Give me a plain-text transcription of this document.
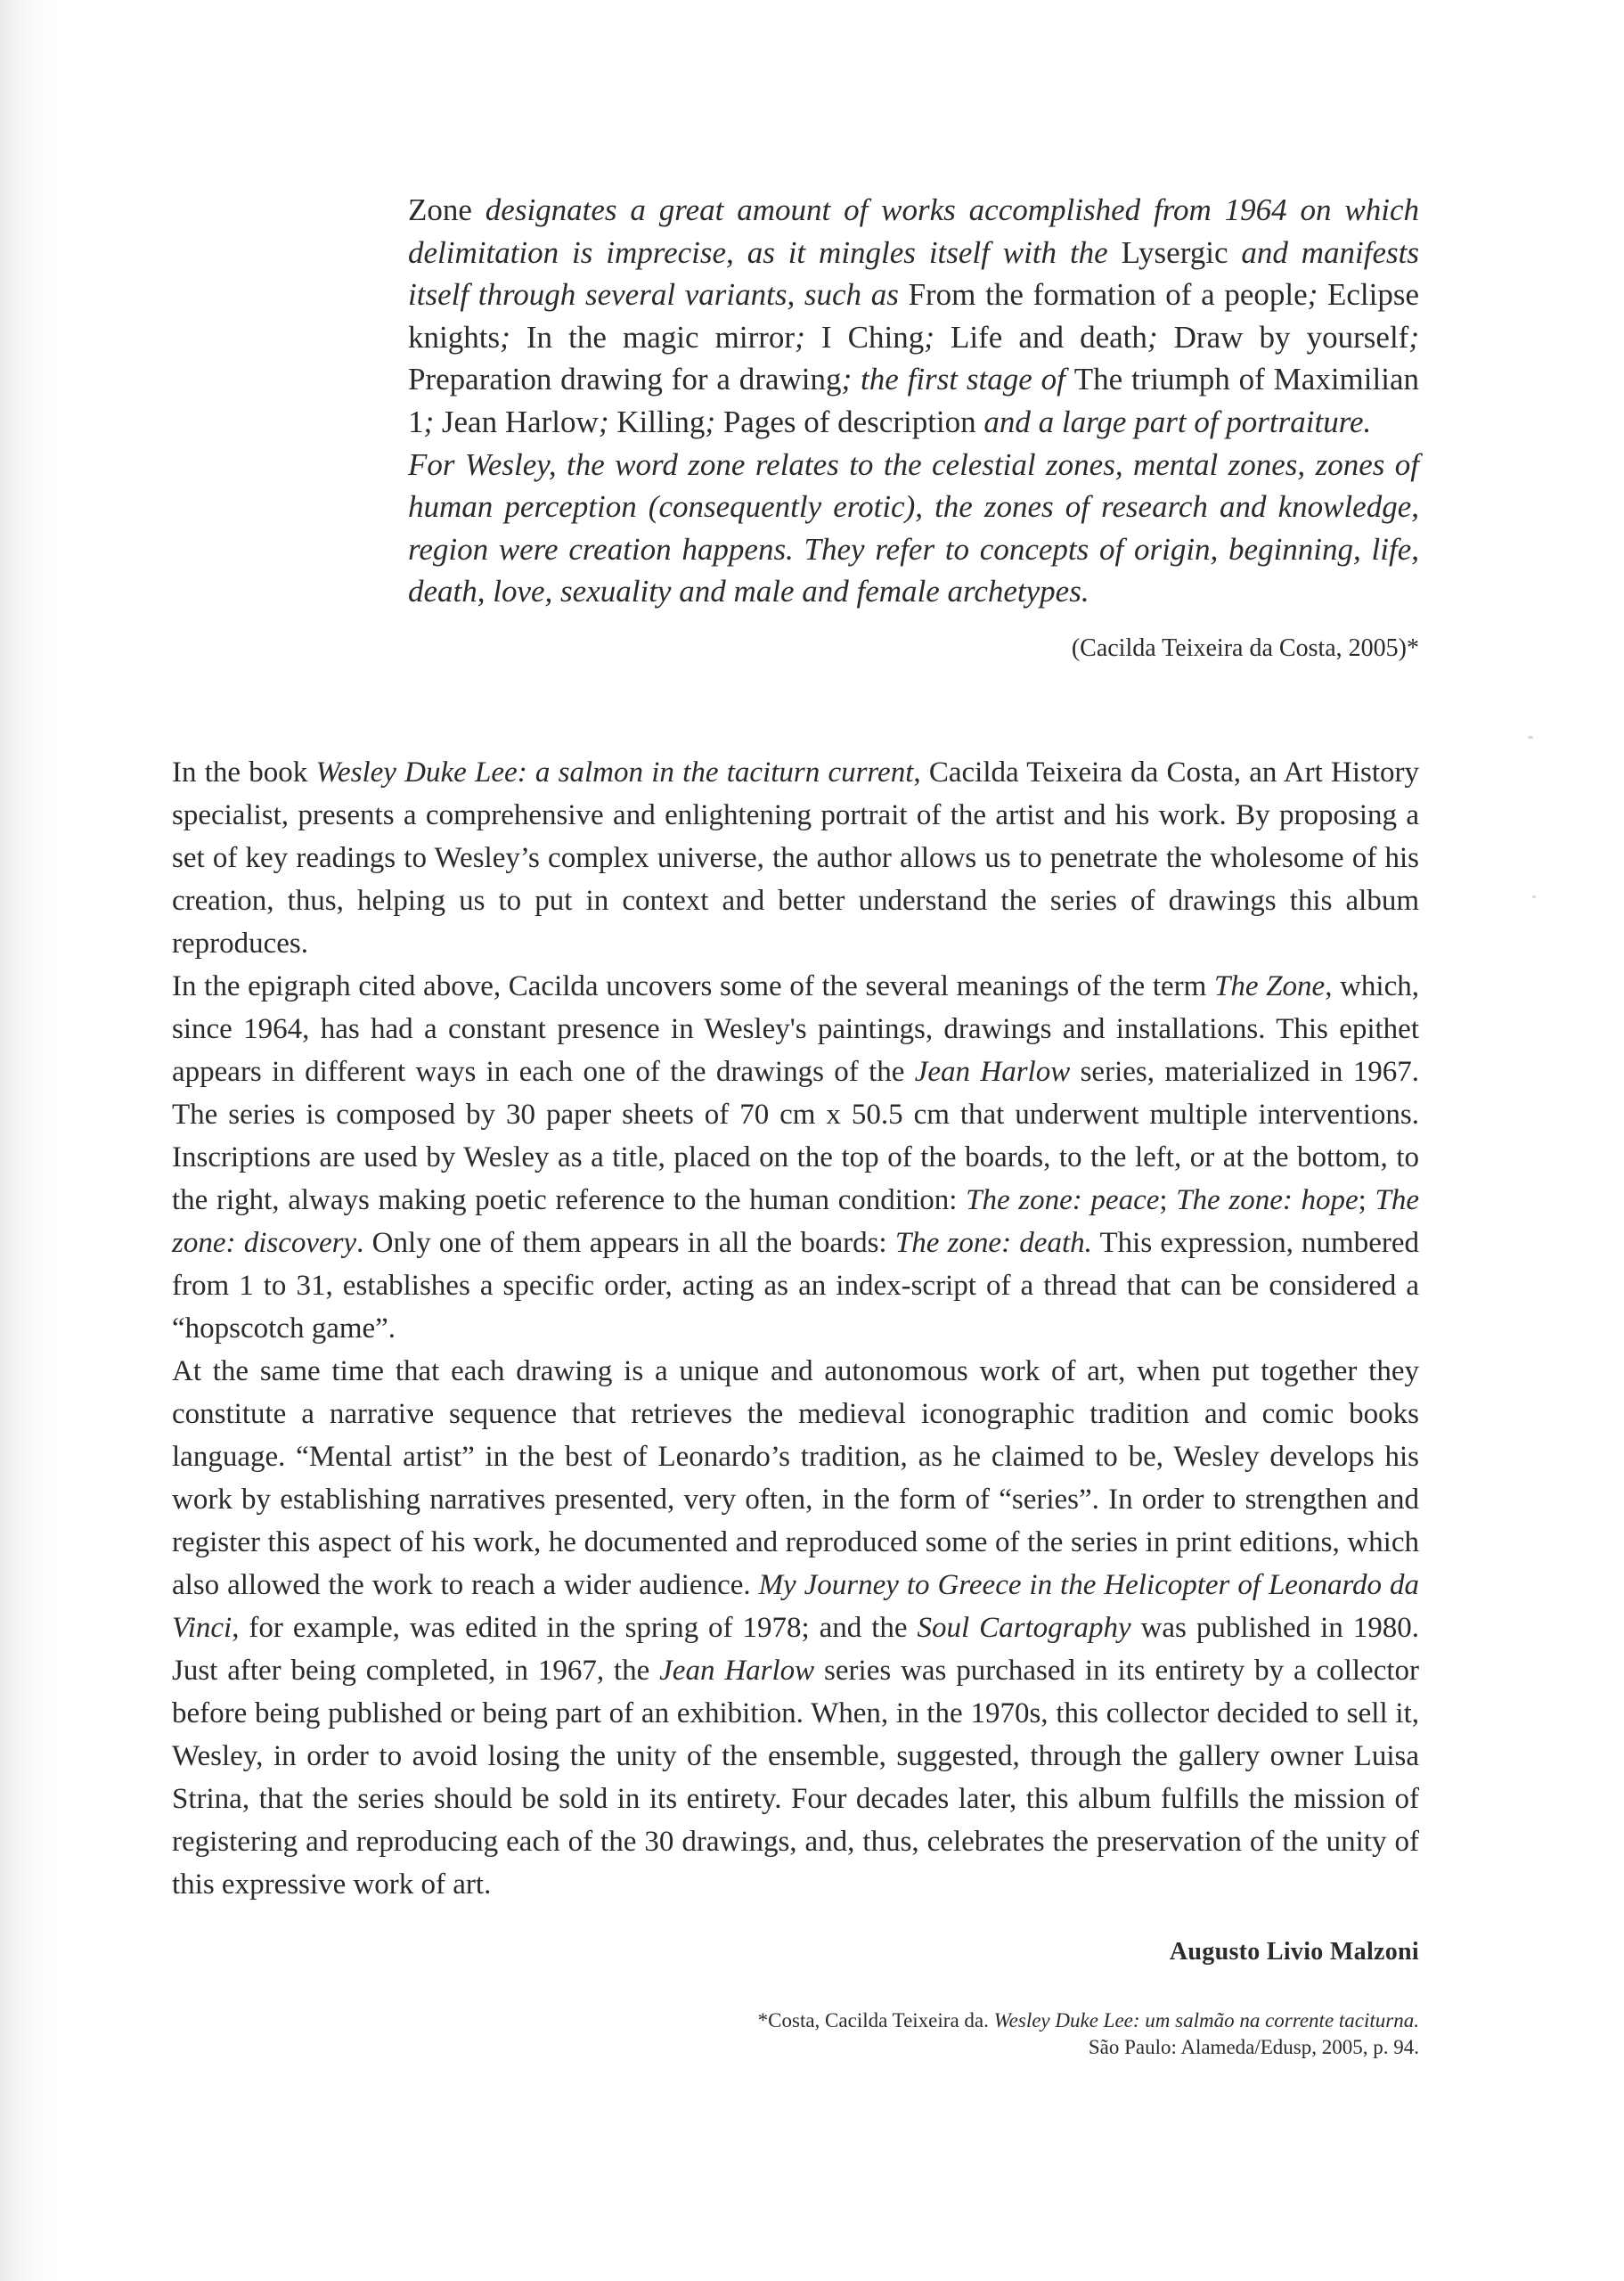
Zone designates a great amount of works accomplished from 1964 on which delimitation is imprecise, as it mingles itself with the Lysergic and manifests itself through several variants, such as From the formation of a people; Eclipse knights; In the magic mirror; I Ching; Life and death; Draw by yourself; Preparation drawing for a drawing; the first stage of The triumph of Maximilian 1; Jean Harlow; Killing; Pages of description and a large part of portraiture.

For Wesley, the word zone relates to the celestial zones, mental zones, zones of human perception (consequently erotic), the zones of research and knowledge, region were creation happens. They refer to concepts of origin, beginning, life, death, love, sexuality and male and female archetypes.

(Cacilda Teixeira da Costa, 2005)*

In the book Wesley Duke Lee: a salmon in the taciturn current, Cacilda Teixeira da Costa, an Art History specialist, presents a comprehensive and enlightening portrait of the artist and his work. By proposing a set of key readings to Wesley’s complex universe, the author allows us to penetrate the wholesome of his creation, thus, helping us to put in context and better understand the series of drawings this album reproduces.

In the epigraph cited above, Cacilda uncovers some of the several meanings of the term The Zone, which, since 1964, has had a constant presence in Wesley's paintings, drawings and installations. This epithet appears in different ways in each one of the drawings of the Jean Harlow series, materialized in 1967. The series is composed by 30 paper sheets of 70 cm x 50.5 cm that underwent multiple interventions. Inscriptions are used by Wesley as a title, placed on the top of the boards, to the left, or at the bottom, to the right, always making poetic reference to the human condition: The zone: peace; The zone: hope; The zone: discovery. Only one of them appears in all the boards: The zone: death. This expression, numbered from 1 to 31, establishes a specific order, acting as an index-script of a thread that can be considered a “hopscotch game”.

At the same time that each drawing is a unique and autonomous work of art, when put together they constitute a narrative sequence that retrieves the medieval iconographic tradition and comic books language. “Mental artist” in the best of Leonardo’s tradition, as he claimed to be, Wesley develops his work by establishing narratives presented, very often, in the form of “series”. In order to strengthen and register this aspect of his work, he documented and reproduced some of the series in print editions, which also allowed the work to reach a wider audience. My Journey to Greece in the Helicopter of Leonardo da Vinci, for example, was edited in the spring of 1978; and the Soul Cartography was published in 1980. Just after being completed, in 1967, the Jean Harlow series was purchased in its entirety by a collector before being published or being part of an exhibition. When, in the 1970s, this collector decided to sell it, Wesley, in order to avoid losing the unity of the ensemble, suggested, through the gallery owner Luisa Strina, that the series should be sold in its entirety. Four decades later, this album fulfills the mission of registering and reproducing each of the 30 drawings, and, thus, celebrates the preservation of the unity of this expressive work of art.

Augusto Livio Malzoni
*Costa, Cacilda Teixeira da. Wesley Duke Lee: um salmão na corrente taciturna.
São Paulo: Alameda/Edusp, 2005, p. 94.
